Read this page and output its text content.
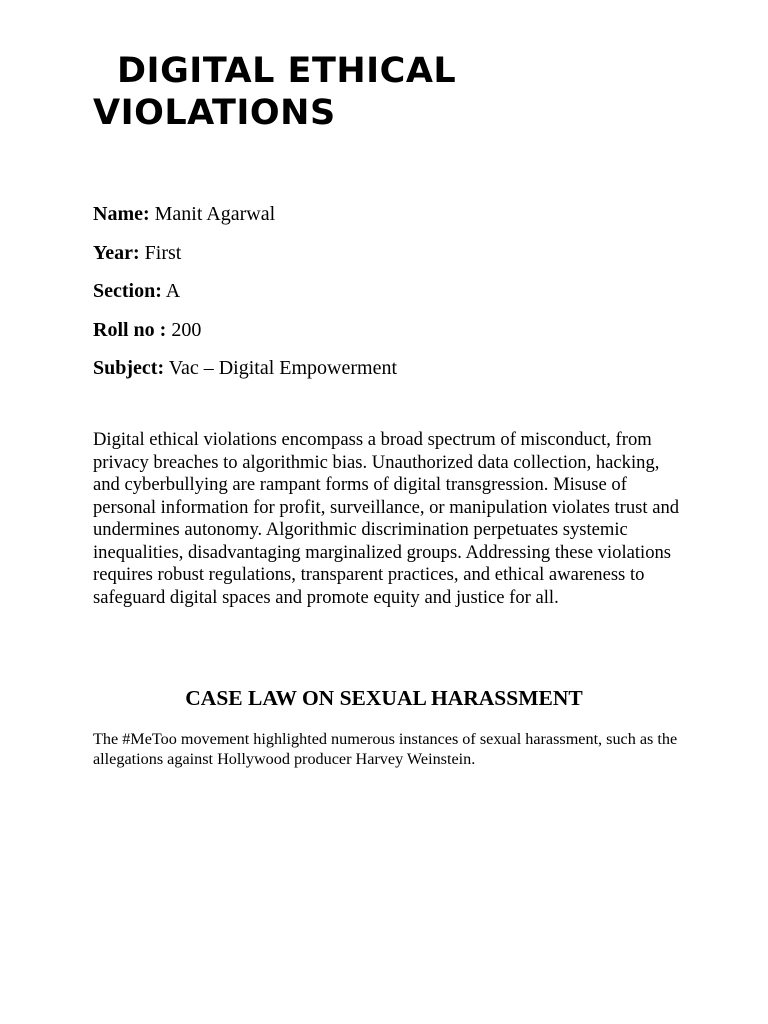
DIGITAL ETHICAL
VIOLATIONS
Name: Manit Agarwal
Year: First
Section: A
Roll no : 200
Subject: Vac – Digital Empowerment

Digital ethical violations encompass a broad spectrum of misconduct, from privacy breaches to algorithmic bias. Unauthorized data collection, hacking, and cyberbullying are rampant forms of digital transgression. Misuse of personal information for profit, surveillance, or manipulation violates trust and undermines autonomy. Algorithmic discrimination perpetuates systemic inequalities, disadvantaging marginalized groups. Addressing these violations requires robust regulations, transparent practices, and ethical awareness to safeguard digital spaces and promote equity and justice for all.

CASE LAW ON SEXUAL HARASSMENT

The #MeToo movement highlighted numerous instances of sexual harassment, such as the allegations against Hollywood producer Harvey Weinstein.
